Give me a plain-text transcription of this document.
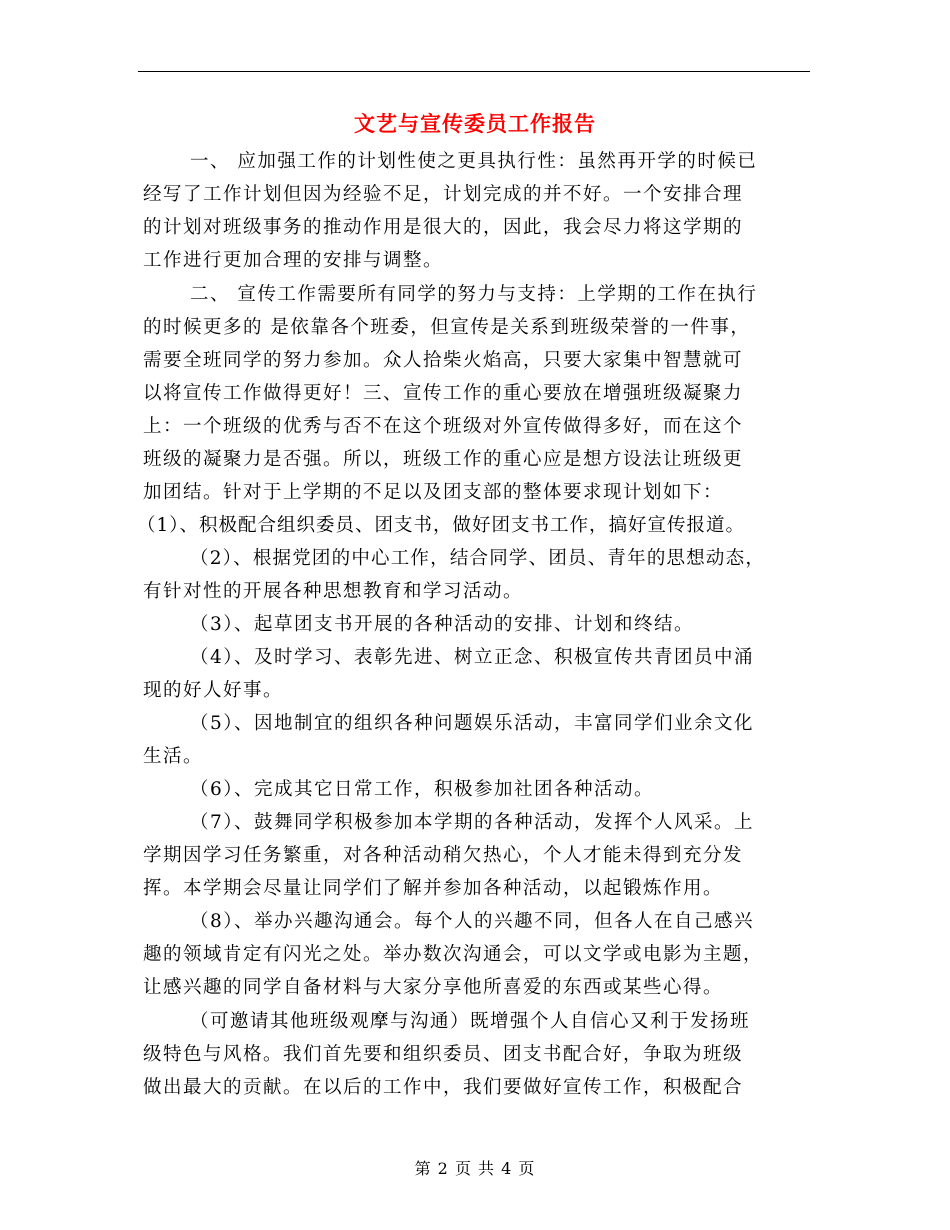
文艺与宣传委员工作报告
一、 应加强工作的计划性使之更具执行性：虽然再开学的时候已
经写了工作计划但因为经验不足，计划完成的并不好。一个安排合理
的计划对班级事务的推动作用是很大的，因此，我会尽力将这学期的
工作进行更加合理的安排与调整。
二、 宣传工作需要所有同学的努力与支持：上学期的工作在执行
的时候更多的 是依靠各个班委，但宣传是关系到班级荣誉的一件事，
需要全班同学的努力参加。众人拾柴火焰高，只要大家集中智慧就可
以将宣传工作做得更好！三、宣传工作的重心要放在增强班级凝聚力
上：一个班级的优秀与否不在这个班级对外宣传做得多好，而在这个
班级的凝聚力是否强。所以，班级工作的重心应是想方设法让班级更
加团结。针对于上学期的不足以及团支部的整体要求现计划如下：
（1）、积极配合组织委员、团支书，做好团支书工作，搞好宣传报道。
（2）、根据党团的中心工作，结合同学、团员、青年的思想动态，
有针对性的开展各种思想教育和学习活动。
（3）、起草团支书开展的各种活动的安排、计划和终结。
（4）、及时学习、表彰先进、树立正念、积极宣传共青团员中涌
现的好人好事。
（5）、因地制宜的组织各种问题娱乐活动，丰富同学们业余文化
生活。
（6）、完成其它日常工作，积极参加社团各种活动。
（7）、鼓舞同学积极参加本学期的各种活动，发挥个人风采。上
学期因学习任务繁重，对各种活动稍欠热心，个人才能未得到充分发
挥。本学期会尽量让同学们了解并参加各种活动，以起锻炼作用。
（8）、举办兴趣沟通会。每个人的兴趣不同，但各人在自己感兴
趣的领域肯定有闪光之处。举办数次沟通会，可以文学或电影为主题，
让感兴趣的同学自备材料与大家分享他所喜爱的东西或某些心得。
（可邀请其他班级观摩与沟通）既增强个人自信心又利于发扬班
级特色与风格。我们首先要和组织委员、团支书配合好，争取为班级
做出最大的贡献。在以后的工作中，我们要做好宣传工作，积极配合
第 2 页 共 4 页
